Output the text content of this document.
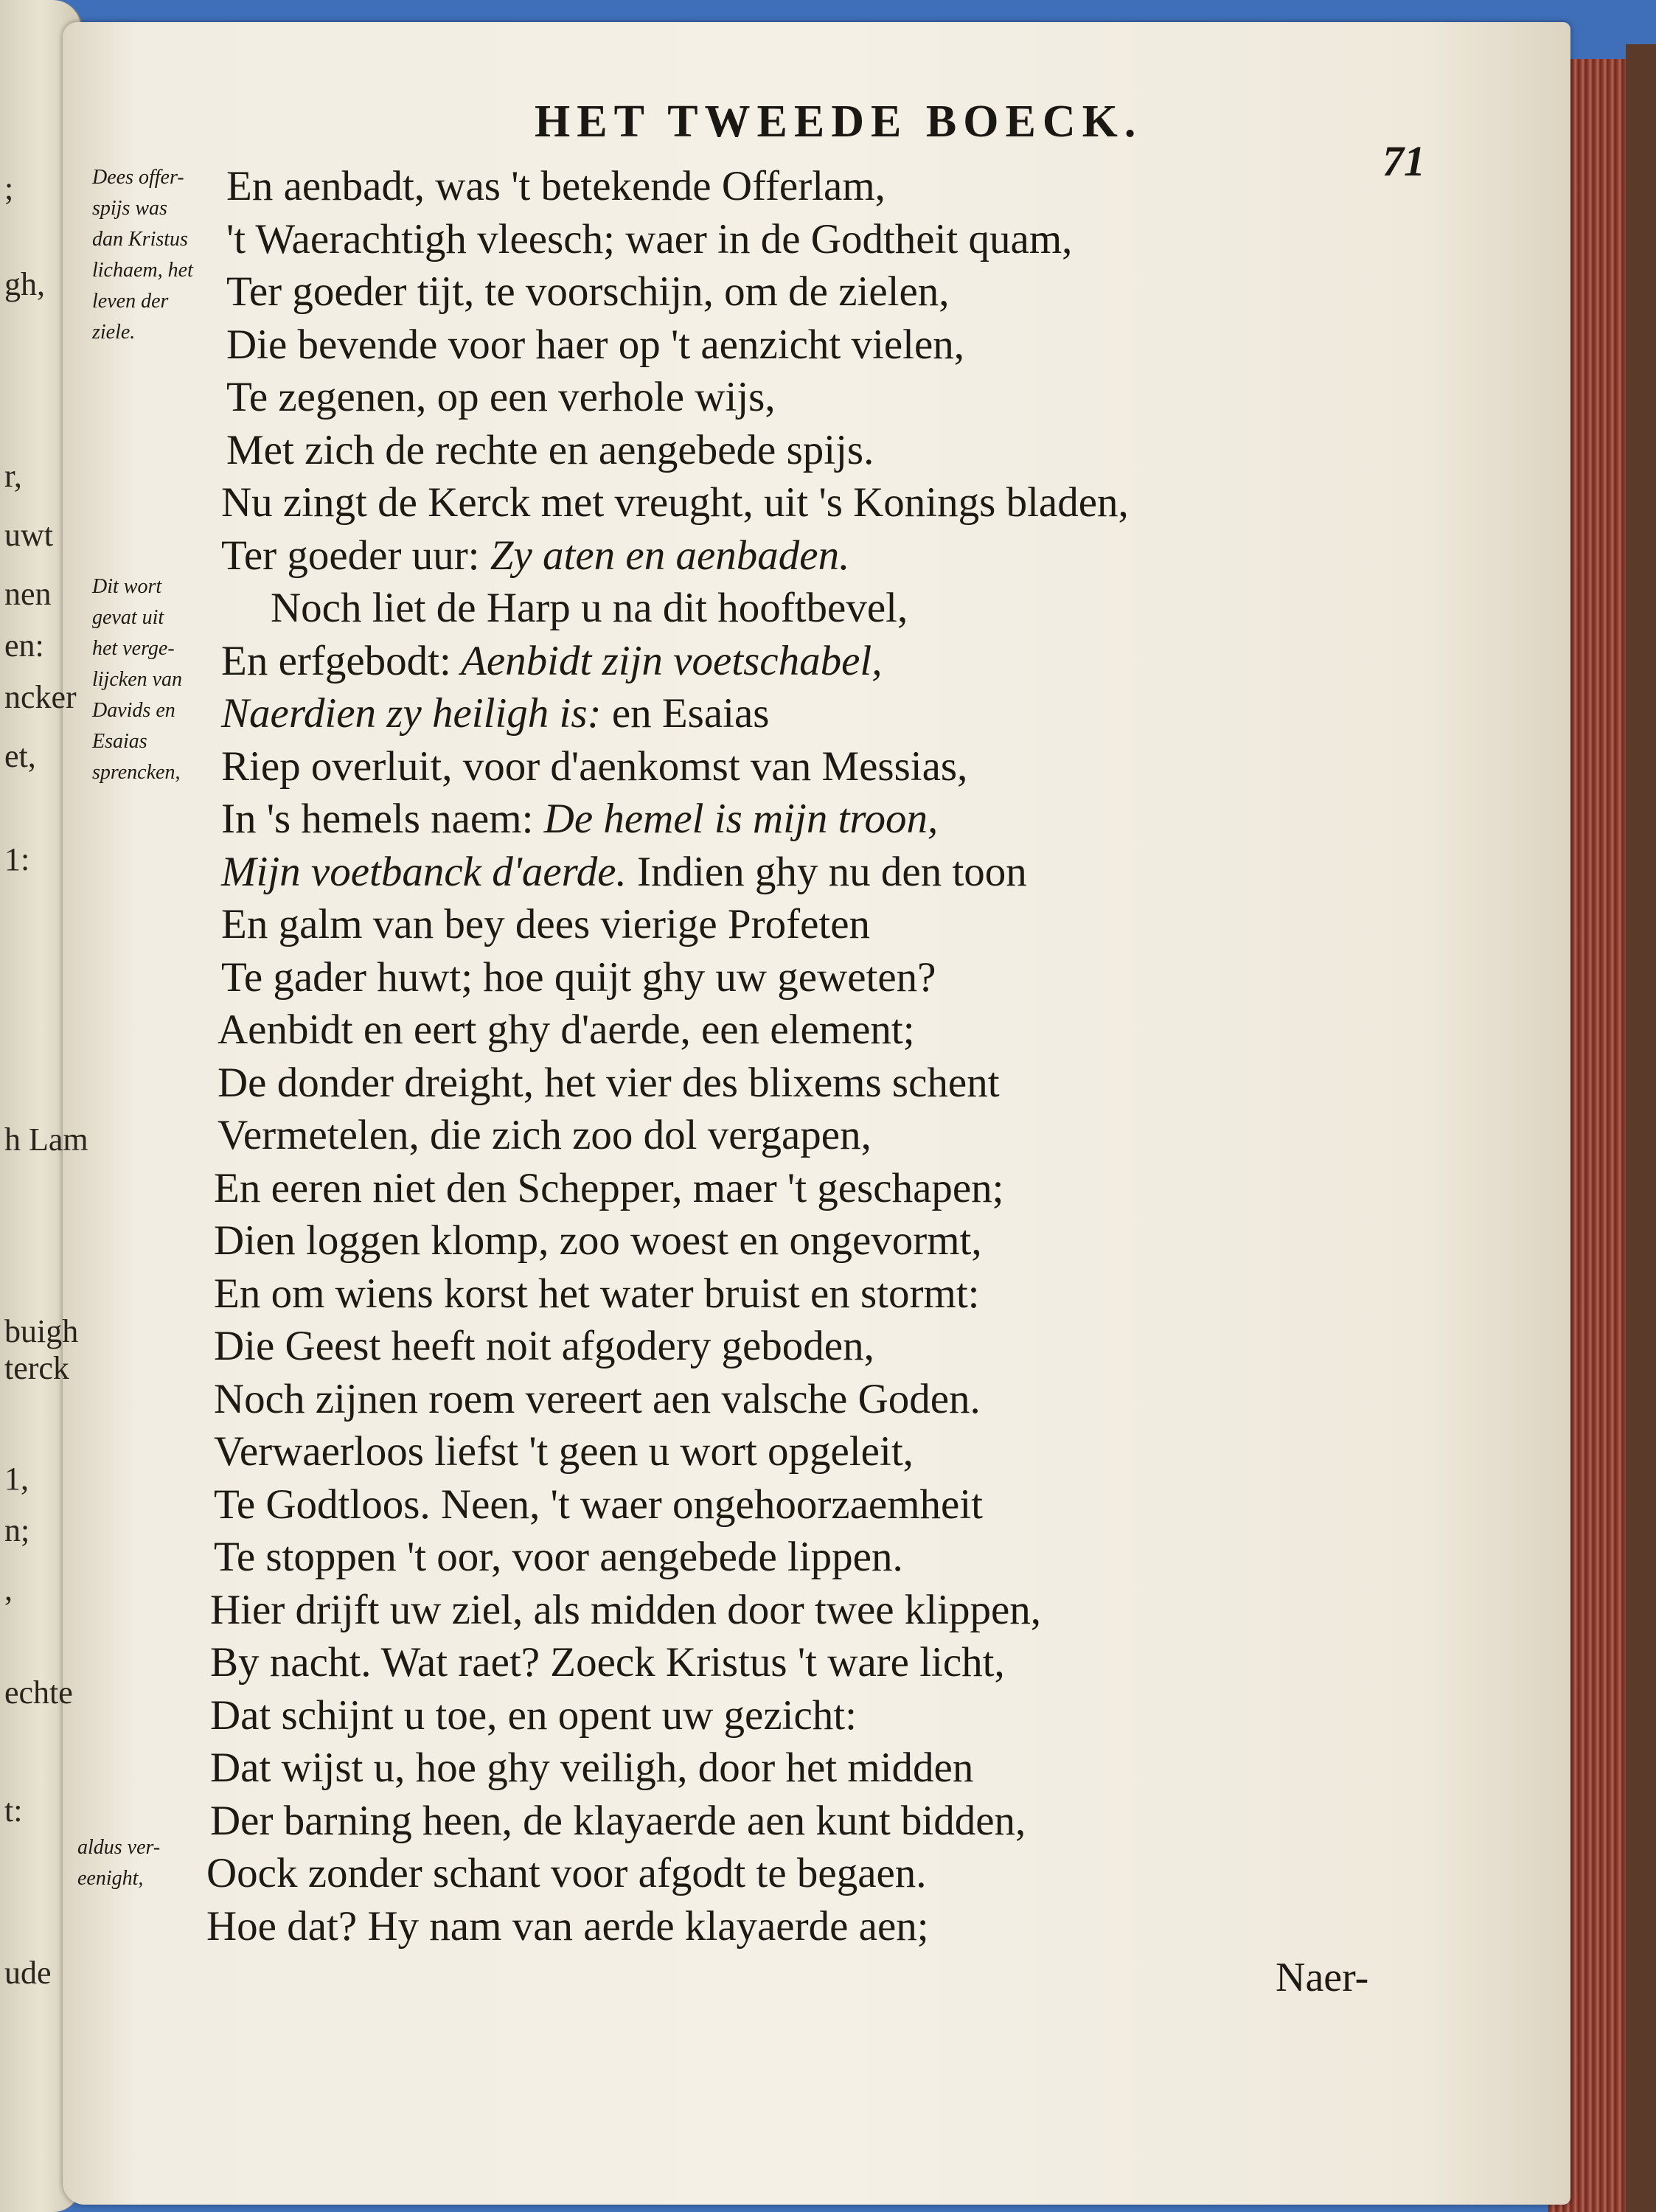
HET TWEEDE BOECK.
71
Dees offer-
spijs was
dan Kristus
lichaem, het
leven der
ziele.
Dit wort
gevat uit
het verge-
lijcken van
Davids en
Esaias
sprencken,
aldus ver-
eenight,
En aenbadt, was 't betekende Offerlam,
't Waerachtigh vleesch; waer in de Godtheit quam,
Ter goeder tijt, te voorschijn, om de zielen,
Die bevende voor haer op 't aenzicht vielen,
Te zegenen, op een verhole wijs,
Met zich de rechte en aengebede spijs.
Nu zingt de Kerck met vreught, uit 's Konings bladen,
Ter goeder uur: Zy aten en aenbaden.
Noch liet de Harp u na dit hooftbevel,
En erfgebodt: Aenbidt zijn voetschabel,
Naerdien zy heiligh is: en Esaias
Riep overluit, voor d'aenkomst van Messias,
In 's hemels naem: De hemel is mijn troon,
Mijn voetbanck d'aerde. Indien ghy nu den toon
En galm van bey dees vierige Profeten
Te gader huwt; hoe quijt ghy uw geweten?
Aenbidt en eert ghy d'aerde, een element;
De donder dreight, het vier des blixems schent
Vermetelen, die zich zoo dol vergapen,
En eeren niet den Schepper, maer 't geschapen;
Dien loggen klomp, zoo woest en ongevormt,
En om wiens korst het water bruist en stormt:
Die Geest heeft noit afgodery geboden,
Noch zijnen roem vereert aen valsche Goden.
Verwaerloos liefst 't geen u wort opgeleit,
Te Godtloos. Neen, 't waer ongehoorzaemheit
Te stoppen 't oor, voor aengebede lippen.
Hier drijft uw ziel, als midden door twee klippen,
By nacht. Wat raet? Zoeck Kristus 't ware licht,
Dat schijnt u toe, en opent uw gezicht:
Dat wijst u, hoe ghy veiligh, door het midden
Der barning heen, de klayaerde aen kunt bidden,
Oock zonder schant voor afgodt te begaen.
Hoe dat? Hy nam van aerde klayaerde aen;
Naer-
;
gh,
r,
uwt
nen
en:
ncker
et,
1:
h Lam
buigh
terck
1,
n;
,
echte
t:
ude
